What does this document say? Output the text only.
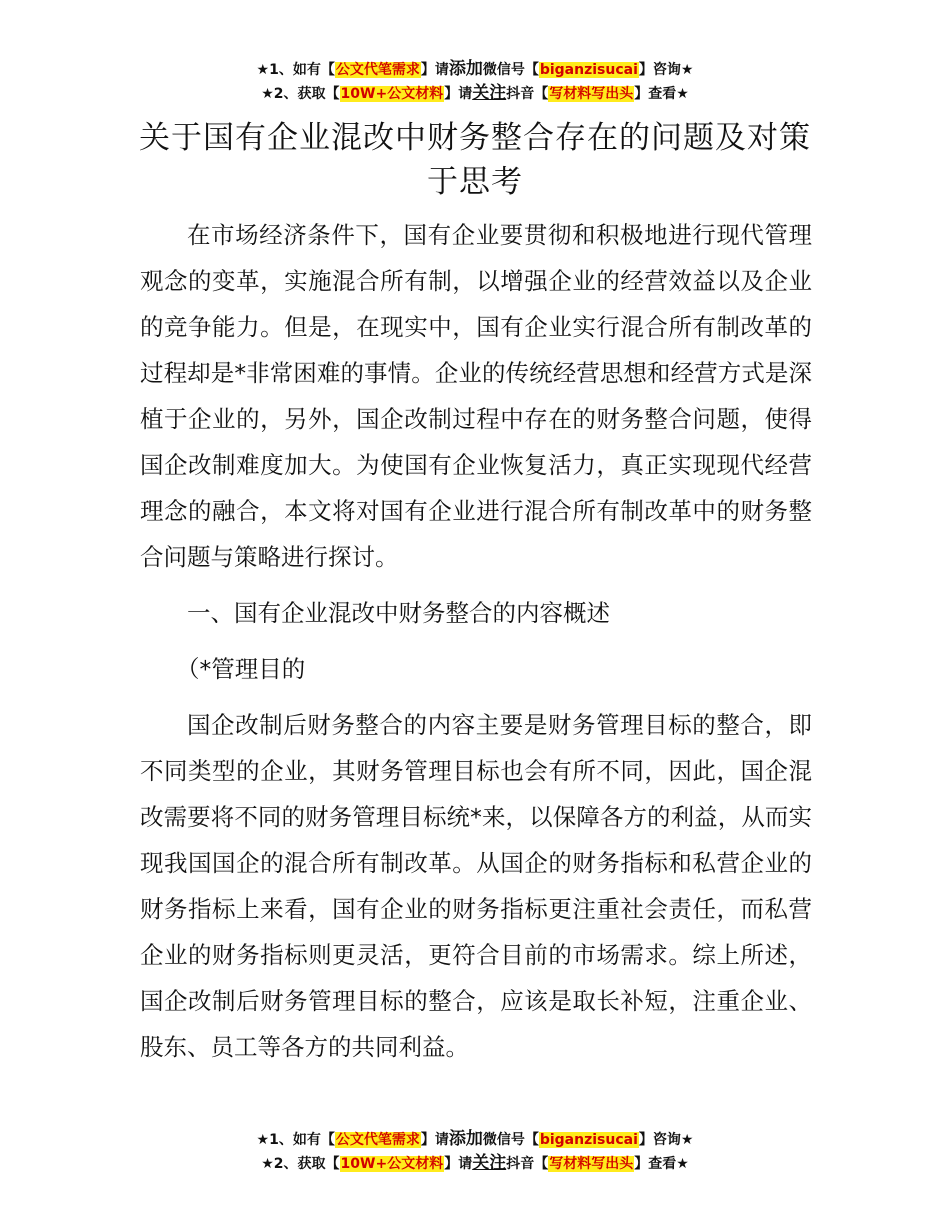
★1、如有【公文代笔需求】请添加微信号【biganzisucai】咨询★
★2、获取【10W+公文材料】请关注抖音【写材料写出头】查看★
关于国有企业混改中财务整合存在的问题及对策于思考

在市场经济条件下，国有企业要贯彻和积极地进行现代管理观念的变革，实施混合所有制，以增强企业的经营效益以及企业的竞争能力。但是，在现实中，国有企业实行混合所有制改革的过程却是*非常困难的事情。企业的传统经营思想和经营方式是深植于企业的，另外，国企改制过程中存在的财务整合问题，使得国企改制难度加大。为使国有企业恢复活力，真正实现现代经营理念的融合，本文将对国有企业进行混合所有制改革中的财务整合问题与策略进行探讨。

一、国有企业混改中财务整合的内容概述

（*管理目的

国企改制后财务整合的内容主要是财务管理目标的整合，即不同类型的企业，其财务管理目标也会有所不同，因此，国企混改需要将不同的财务管理目标统*来，以保障各方的利益，从而实现我国国企的混合所有制改革。从国企的财务指标和私营企业的财务指标上来看，国有企业的财务指标更注重社会责任，而私营企业的财务指标则更灵活，更符合目前的市场需求。综上所述，国企改制后财务管理目标的整合，应该是取长补短，注重企业、股东、员工等各方的共同利益。

★1、如有【公文代笔需求】请添加微信号【biganzisucai】咨询★
★2、获取【10W+公文材料】请关注抖音【写材料写出头】查看★
